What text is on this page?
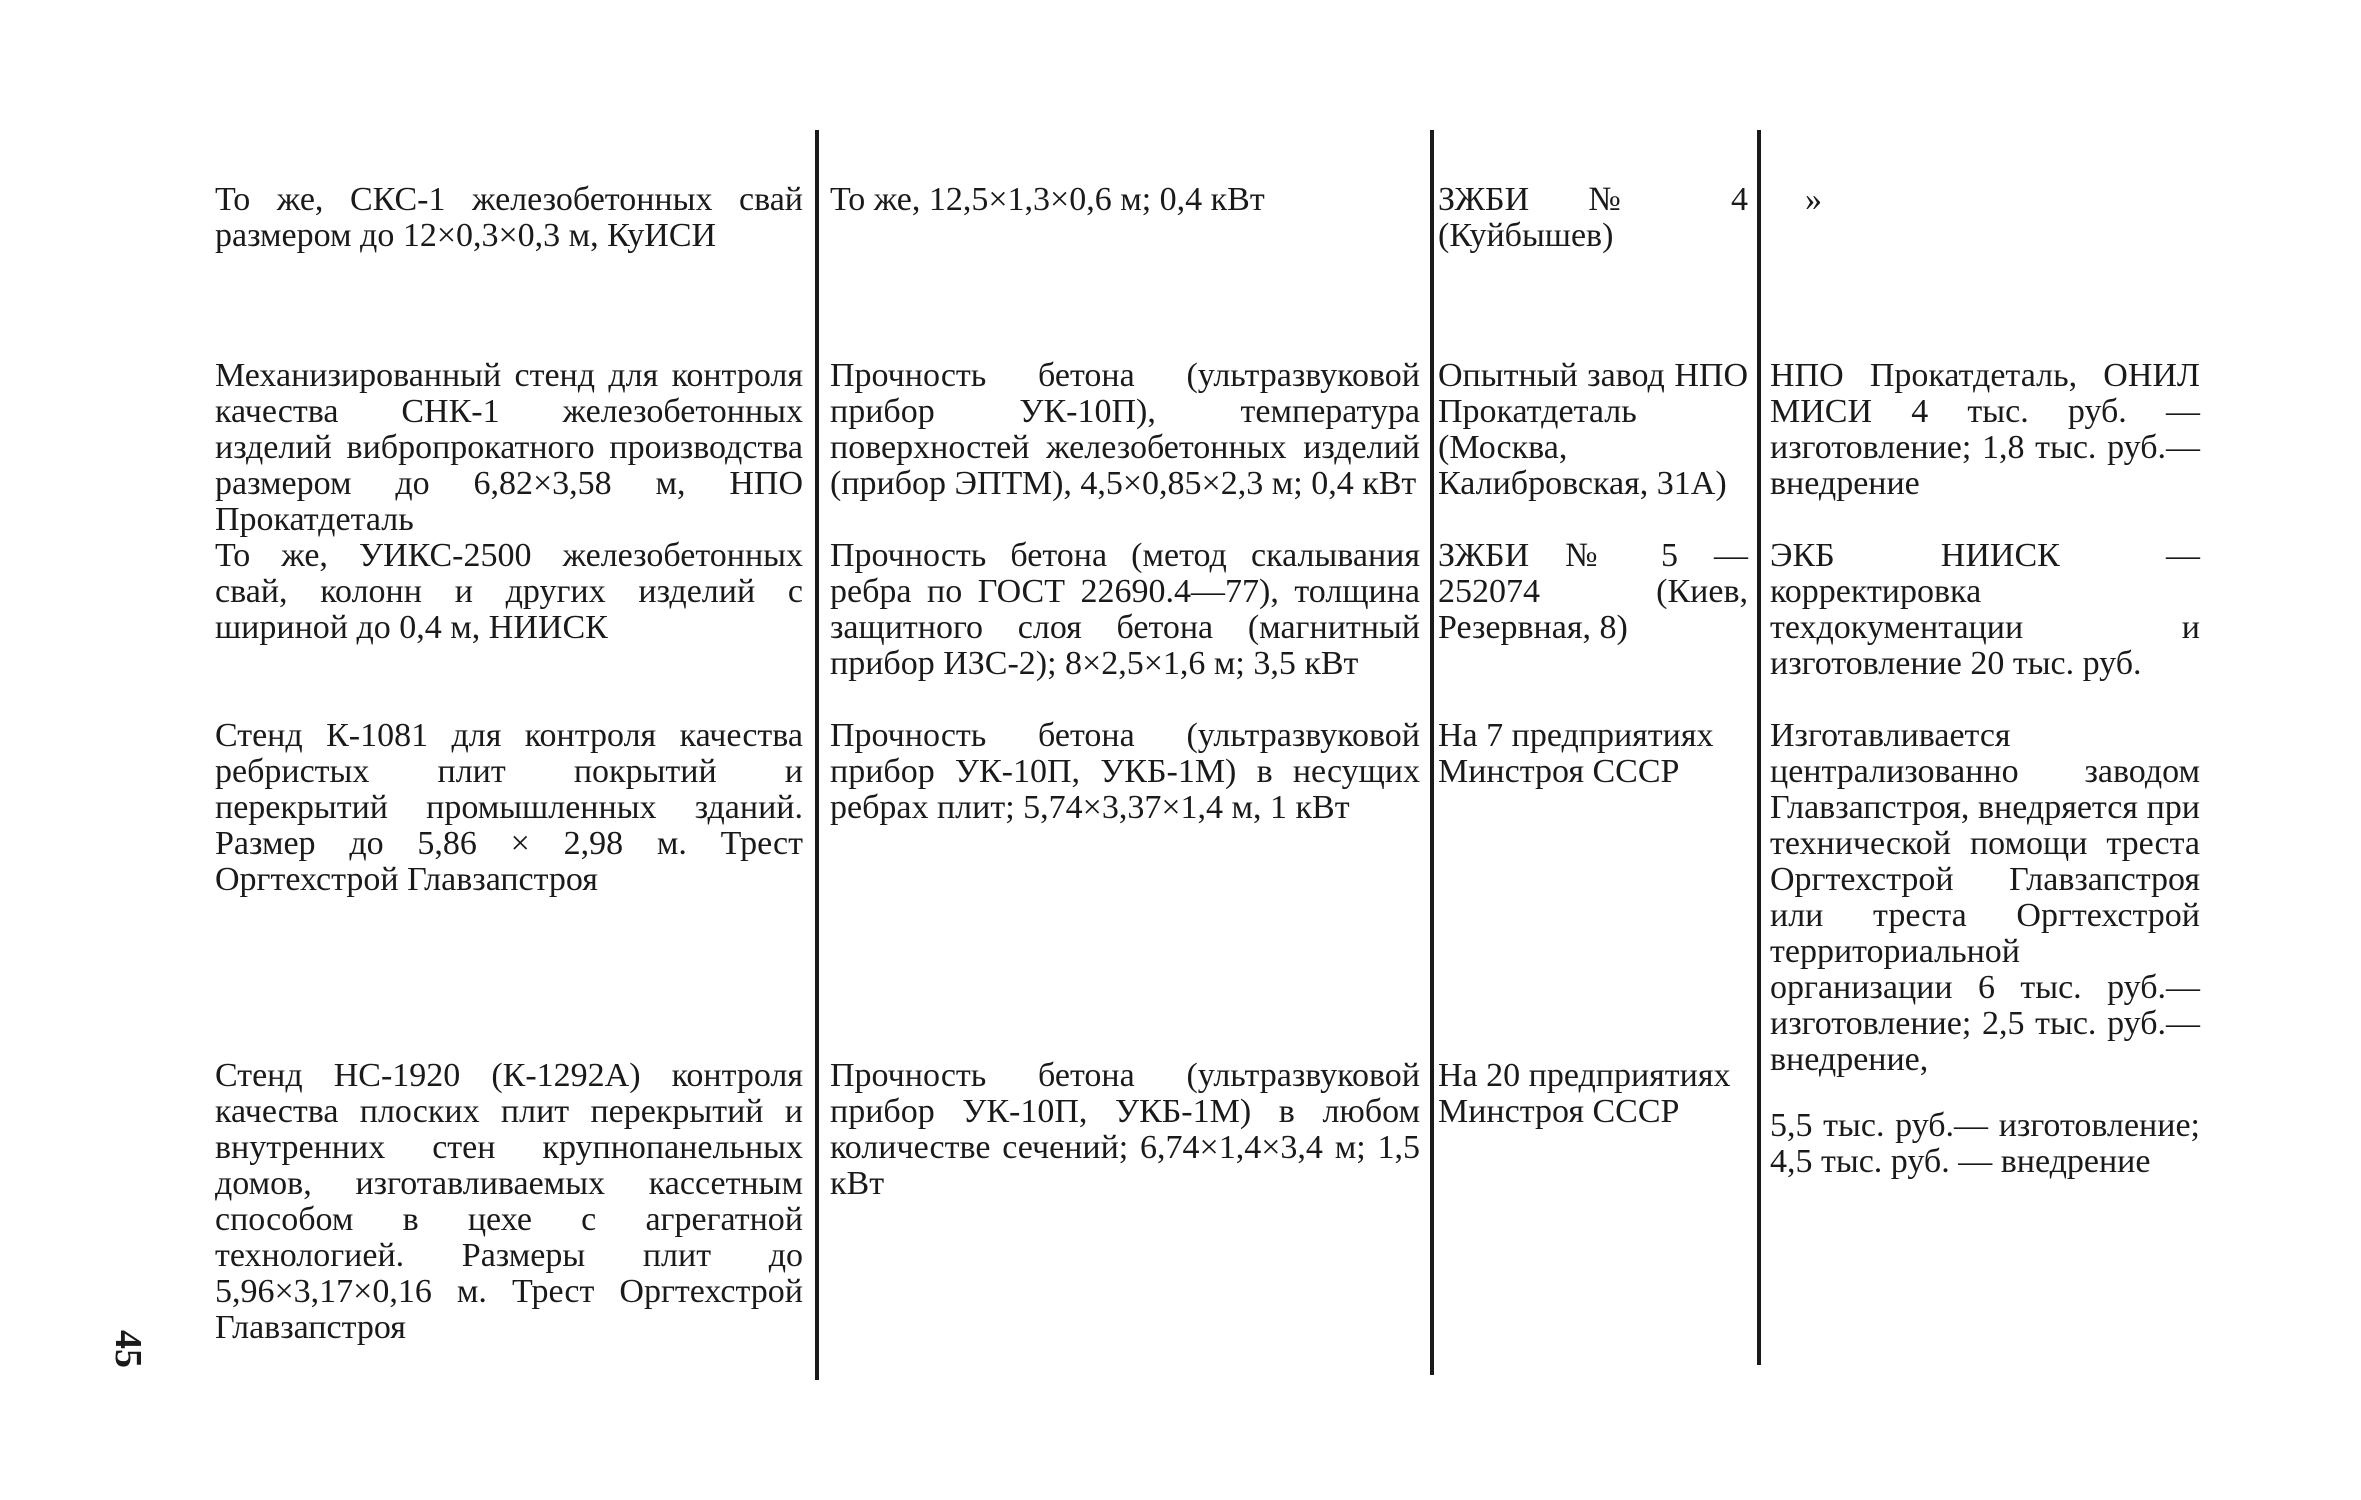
То же, СКС-1 железобетонных свай размером до 12×0,3×0,3 м, КуИСИ
То же, 12,5×1,3×0,6 м; 0,4 кВт	ЗЖБИ № 4 (Куйбышев)
»
Механизированный стенд для контроля качества СНК-1 железобетонных изделий вибропрокатного производства размером до 6,82×3,58 м, НПО Прокатдеталь
Прочность бетона (ультразвуковой прибор УК-10П), температура поверхностей железобетонных изделий (прибор ЭПТМ), 4,5×0,85×2,3 м; 0,4 кВт
Опытный завод НПО Прокатдеталь (Москва, Калибровская, 31А)
НПО Прокатдеталь, ОНИЛ МИСИ 4 тыс. руб. — изготовление; 1,8 тыс. руб.— внедрение
То же, УИКС-2500 железобетонных свай, колонн и других изделий с шириной до 0,4 м, НИИСК
Прочность бетона (метод скалывания ребра по ГОСТ 22690.4—77), толщина защитного слоя бетона (магнитный прибор ИЗС-2); 8×2,5×1,6 м; 3,5 кВт
ЗЖБИ № 5 — 252074 (Киев, Резервная, 8)
ЭКБ НИИСК — корректировка техдокументации и изготовление 20 тыс. руб.
Стенд К-1081 для контроля качества ребристых плит покрытий и перекрытий промышленных зданий. Размер до 5,86 × 2,98 м. Трест Оргтехстрой Главзапстроя
Прочность бетона (ультразвуковой прибор УК-10П, УКБ-1М) в несущих ребрах плит; 5,74×3,37×1,4 м, 1 кВт
На 7 предприятиях Минстроя СССР
Изготавливается централизованно заводом Главзапстроя, внедряется при технической помощи треста Оргтехстрой Главзапстроя или треста Оргтехстрой территориальной организации 6 тыс. руб.— изготовление; 2,5 тыс. руб.— внедрение,
Стенд НС-1920 (К-1292А) контроля качества плоских плит перекрытий и внутренних стен крупнопанельных домов, изготавливаемых кассетным способом в цехе с агрегатной технологией. Размеры плит до 5,96×3,17×0,16 м. Трест Оргтехстрой Главзапстроя
Прочность бетона (ультразвуковой прибор УК-10П, УКБ-1М) в любом количестве сечений; 6,74×1,4×3,4 м; 1,5 кВт
На 20 предприятиях Минстроя СССР	5,5 тыс. руб.— изготовление; 4,5 тыс. руб. — внедрение
45
